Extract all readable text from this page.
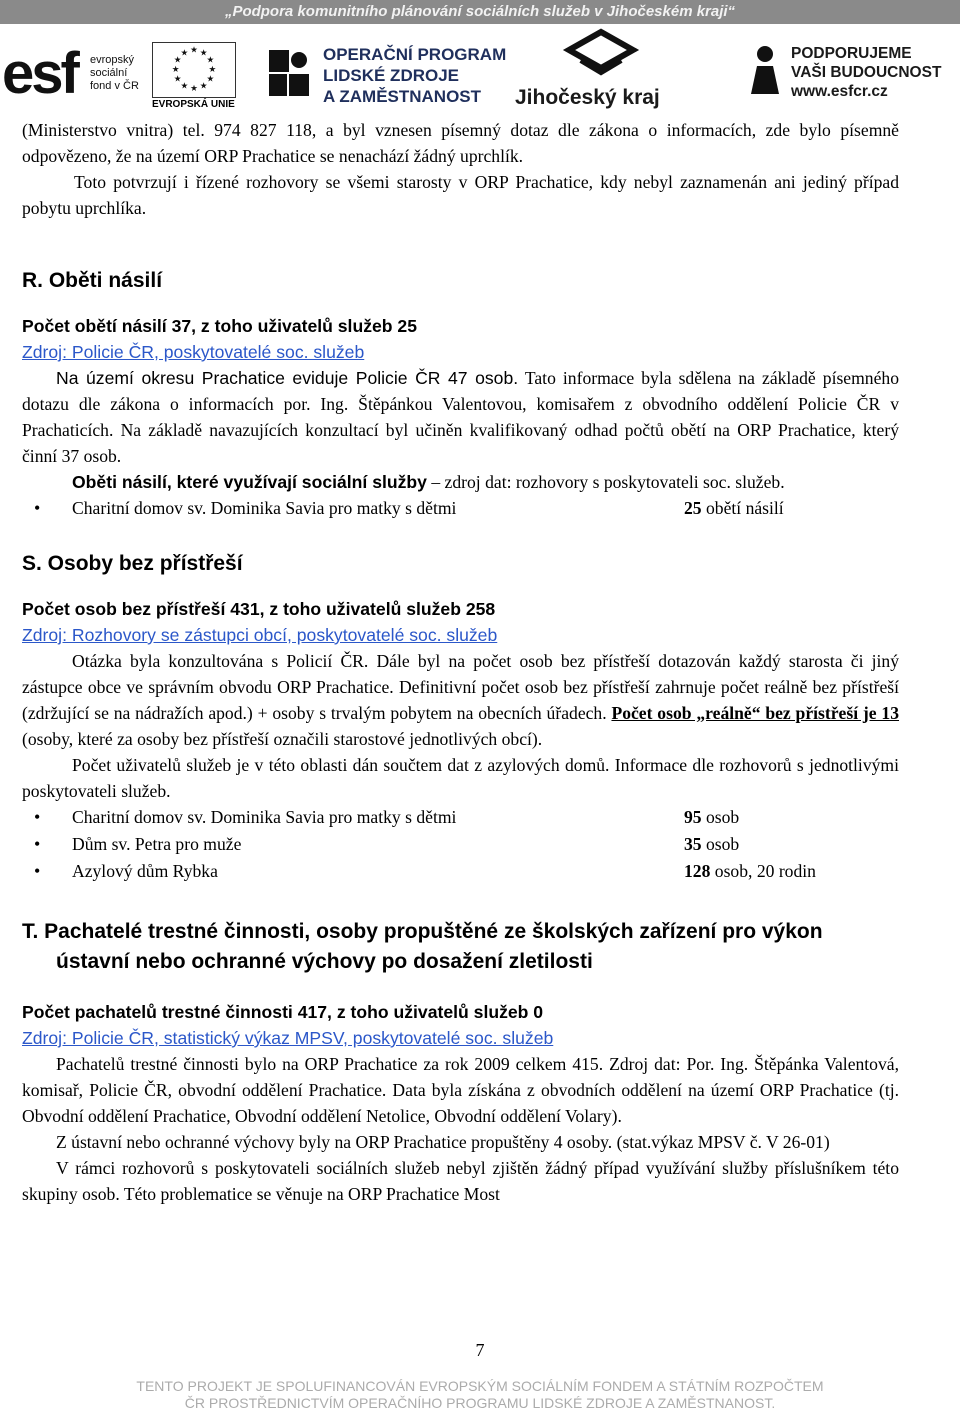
„Podpora komunitního plánování sociálních služeb v Jihočeském kraji“
esf evropský
sociální
fond v ČR
★ ★
★
★
★
★
★
★
★
★
★
★
EVROPSKÁ UNIE
OPERAČNÍ PROGRAM
LIDSKÉ ZDROJE
A ZAMĚSTNANOST	Jihočeský kraj
PODPORUJEME
VAŠI BUDOUCNOST
www.esfcr.cz

(Ministerstvo vnitra) tel. 974 827 118, a byl vznesen písemný dotaz dle zákona o informacích, zde bylo písemně odpovězeno, že na území ORP Prachatice se nenachází žádný uprchlík.

Toto potvrzují i řízené rozhovory se všemi starosty v ORP Prachatice, kdy nebyl zaznamenán ani jediný případ pobytu uprchlíka.

R. Oběti násilí

Počet obětí násilí 37, z toho uživatelů služeb 25

Zdroj: Policie ČR, poskytovatelé soc. služeb

Na území okresu Prachatice eviduje Policie ČR 47 osob. Tato informace byla sdělena na základě písemného dotazu dle zákona o informacích por. Ing. Štěpánkou Valentovou, komisařem z obvodního oddělení Policie ČR v Prachaticích. Na základě navazujících konzultací byl učiněn kvalifikovaný odhad počtů obětí na ORP Prachatice, který činní 37 osob.

Oběti násilí, které využívají sociální služby – zdroj dat: rozhovory s poskytovateli soc. služeb.

• Charitní domov sv. Dominika Savia pro matky s dětmi	25 obětí násilí

S. Osoby bez přístřeší

Počet osob bez přístřeší 431, z toho uživatelů služeb 258

Zdroj: Rozhovory se zástupci obcí, poskytovatelé soc. služeb

Otázka byla konzultována s Policií ČR. Dále byl na počet osob bez přístřeší dotazován každý starosta či jiný zástupce obce ve správním obvodu ORP Prachatice. Definitivní počet osob bez přístřeší zahrnuje počet reálně bez přístřeší (zdržující se na nádražích apod.) + osoby s trvalým pobytem na obecních úřadech. Počet osob „reálně“ bez přístřeší je 13 (osoby, které za osoby bez přístřeší označili starostové jednotlivých obcí).

Počet uživatelů služeb je v této oblasti dán součtem dat z azylových domů. Informace dle rozhovorů s jednotlivými poskytovateli služeb.

• Charitní domov sv. Dominika Savia pro matky s dětmi	95 osob
• Dům sv. Petra pro muže	35 osob
• Azylový dům Rybka	128 osob, 20 rodin

T. Pachatelé trestné činnosti, osoby propuštěné ze školských zařízení pro výkon ústavní nebo ochranné výchovy po dosažení zletilosti

Počet pachatelů trestné činnosti 417, z toho uživatelů služeb 0

Zdroj: Policie ČR, statistický výkaz MPSV, poskytovatelé soc. služeb

Pachatelů trestné činnosti bylo na ORP Prachatice za rok 2009 celkem 415. Zdroj dat: Por. Ing. Štěpánka Valentová, komisař, Policie ČR, obvodní oddělení Prachatice. Data byla získána z obvodních oddělení na území ORP Prachatice (tj. Obvodní oddělení Prachatice, Obvodní oddělení Netolice, Obvodní oddělení Volary).

Z ústavní nebo ochranné výchovy byly na ORP Prachatice propuštěny 4 osoby. (stat.výkaz MPSV č. V 26-01)

V rámci rozhovorů s poskytovateli sociálních služeb nebyl zjištěn žádný případ využívání služby příslušníkem této skupiny osob. Této problematice se věnuje na ORP Prachatice Most

7
TENTO PROJEKT JE SPOLUFINANCOVÁN EVROPSKÝM SOCIÁLNÍM FONDEM A STÁTNÍM ROZPOČTEM
ČR PROSTŘEDNICTVÍM OPERAČNÍHO PROGRAMU LIDSKÉ ZDROJE A ZAMĚSTNANOST.
